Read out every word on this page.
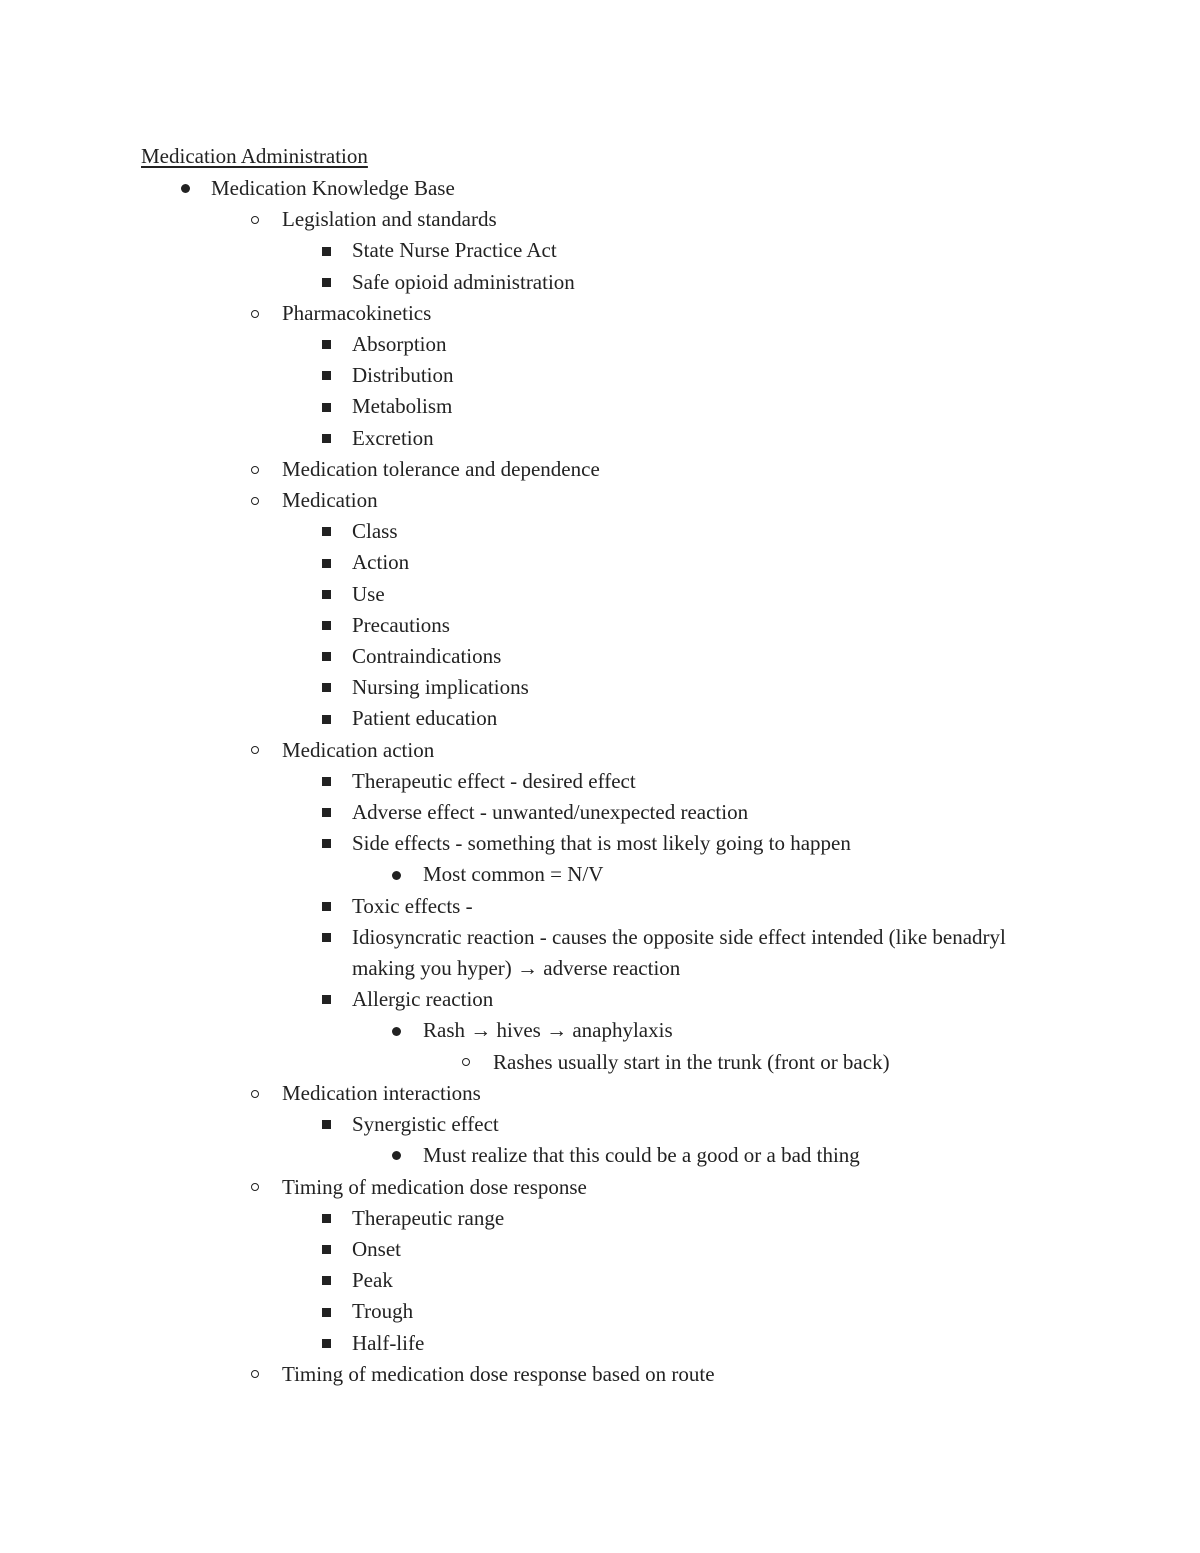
Medication Administration
Medication Knowledge Base
Legislation and standards
State Nurse Practice Act
Safe opioid administration
Pharmacokinetics
Absorption
Distribution
Metabolism
Excretion
Medication tolerance and dependence
Medication
Class
Action
Use
Precautions
Contraindications
Nursing implications
Patient education
Medication action
Therapeutic effect - desired effect
Adverse effect - unwanted/unexpected reaction
Side effects - something that is most likely going to happen
Most common = N/V
Toxic effects -
Idiosyncratic reaction - causes the opposite side effect intended (like benadryl making you hyper) → adverse reaction
Allergic reaction
Rash → hives → anaphylaxis
Rashes usually start in the trunk (front or back)
Medication interactions
Synergistic effect
Must realize that this could be a good or a bad thing
Timing of medication dose response
Therapeutic range
Onset
Peak
Trough
Half-life
Timing of medication dose response based on route
